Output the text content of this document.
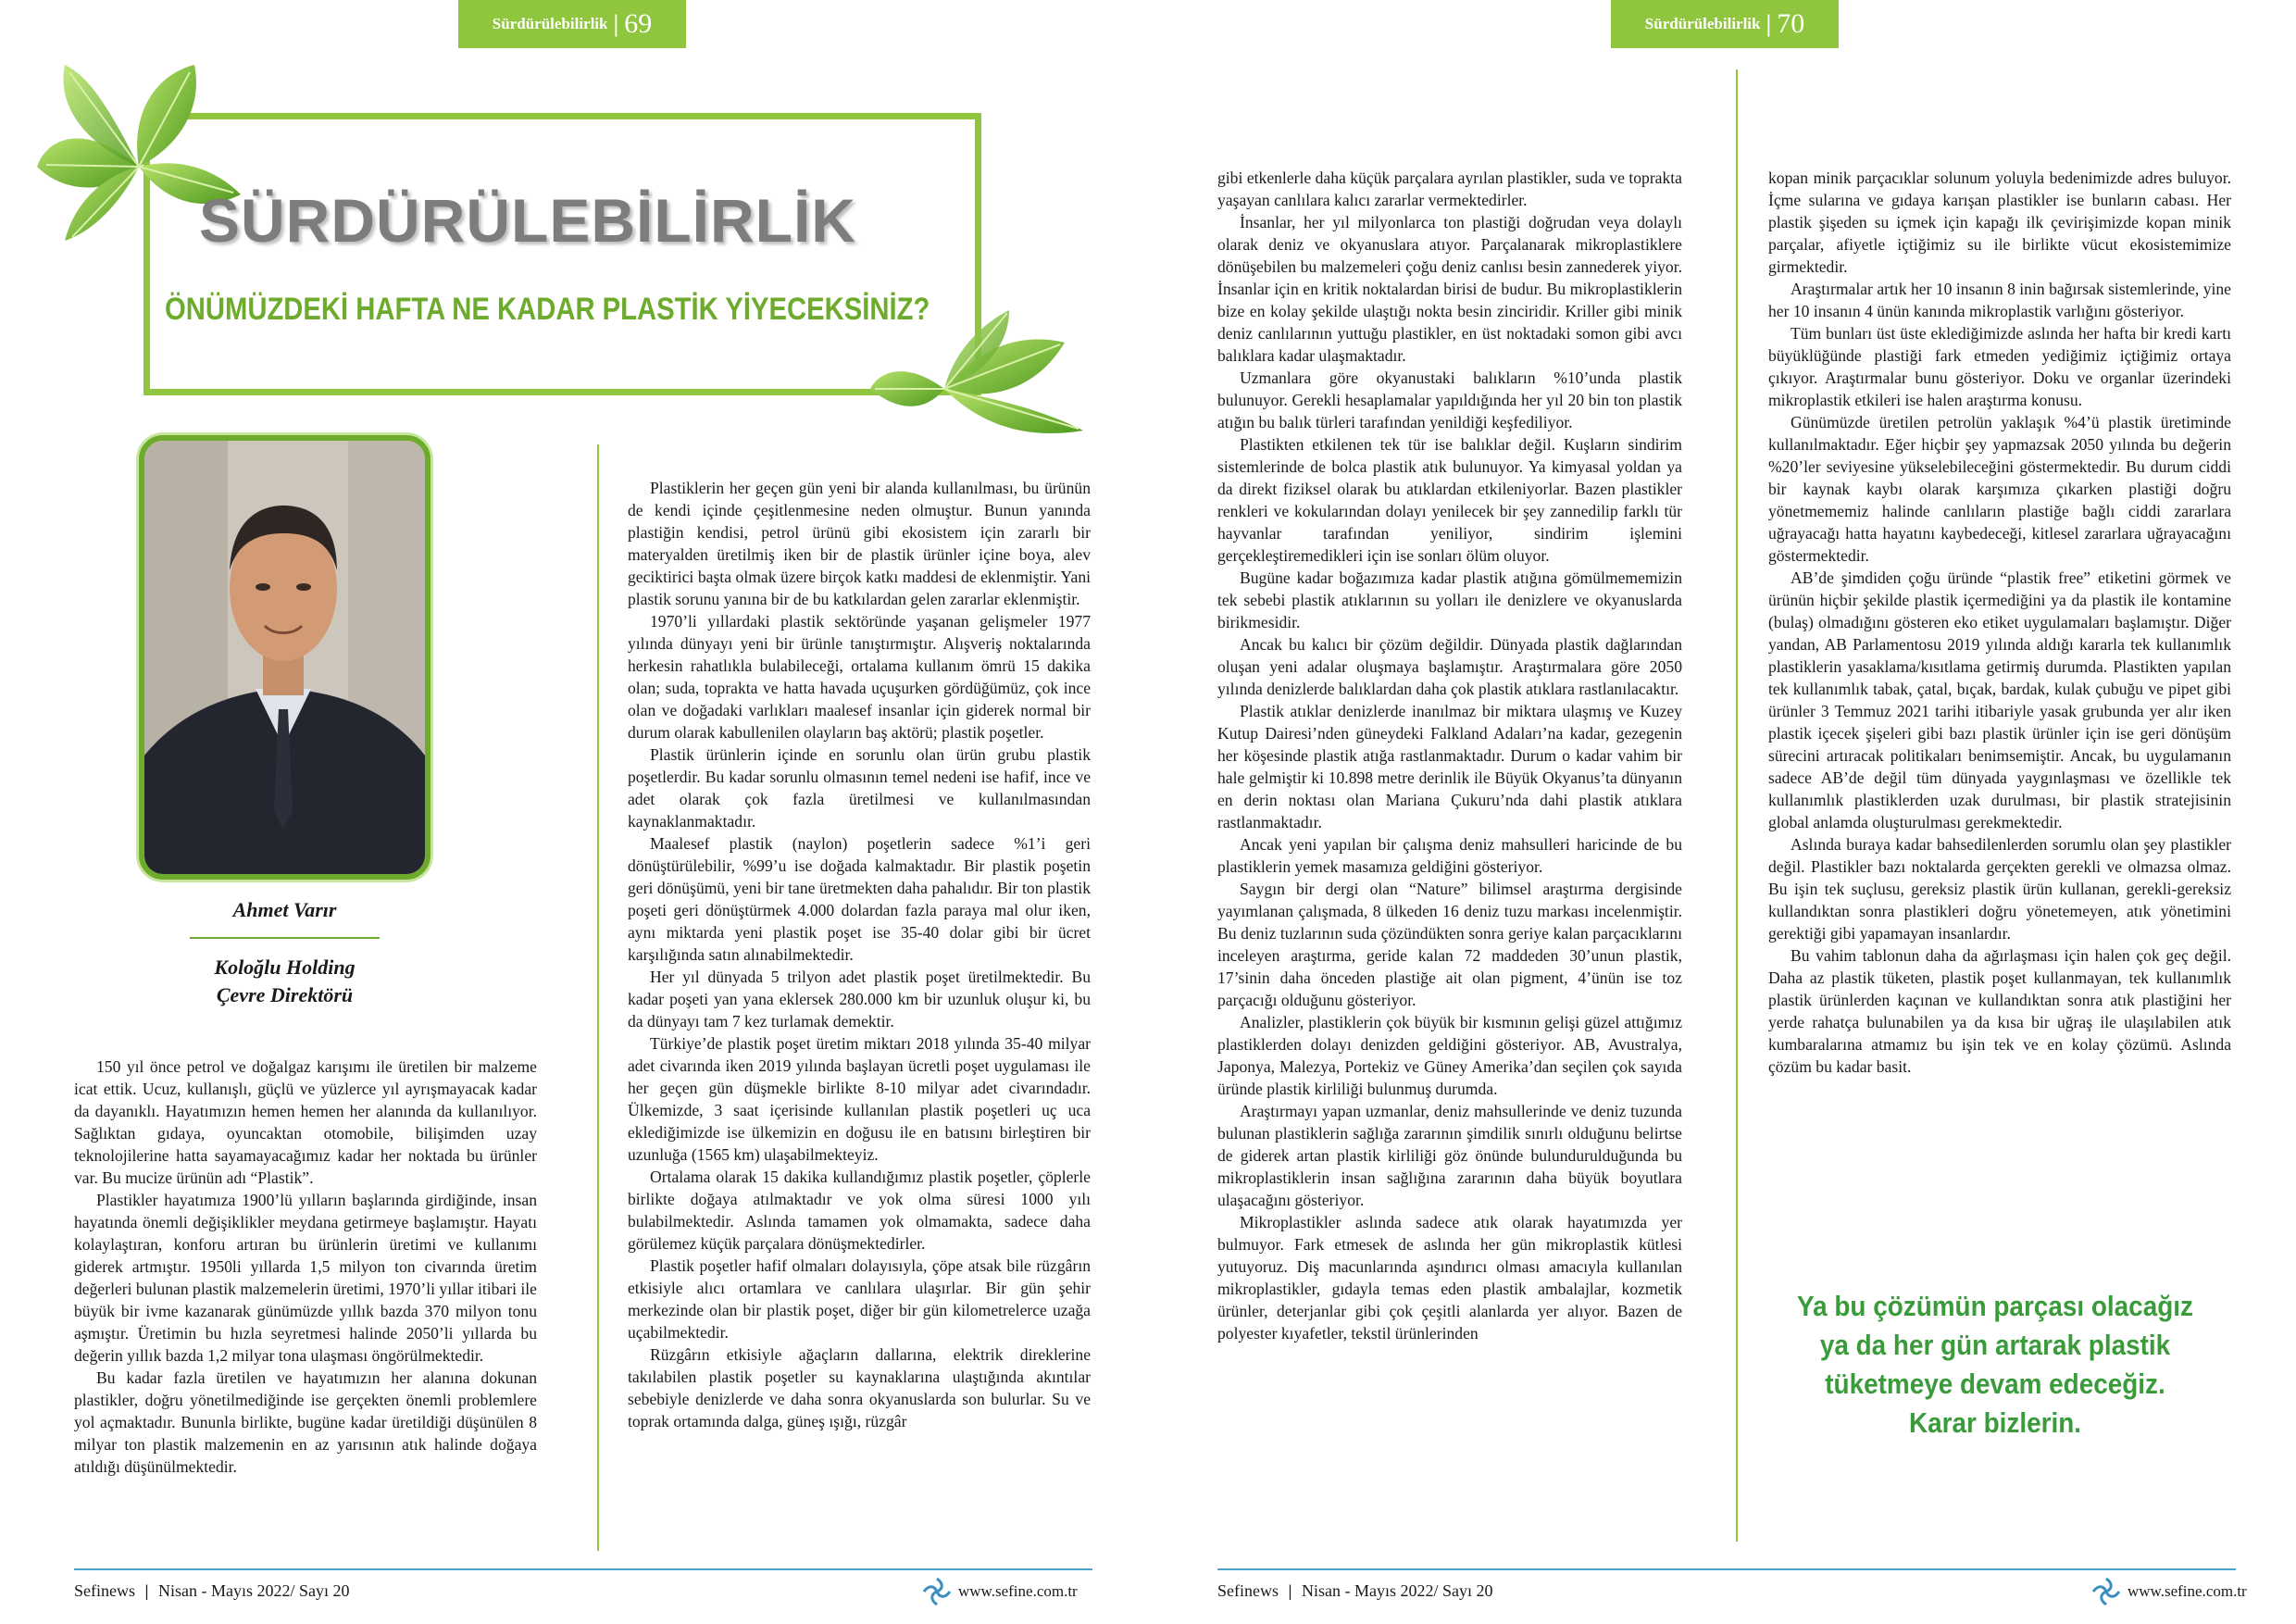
Sürdürülebilirlik | 69
SÜRDÜRÜLEBİLİRLİK
ÖNÜMÜZDEKİ HAFTA NE KADAR PLASTİK YİYECEKSİNİZ?
Ahmet Varır
Koloğlu Holding
Çevre Direktörü

150 yıl önce petrol ve doğalgaz karışımı ile üretilen bir malzeme icat ettik. Ucuz, kullanışlı, güçlü ve yüzlerce yıl ayrışmayacak kadar da dayanıklı. Hayatımızın hemen hemen her alanında da kullanılıyor. Sağlıktan gıdaya, oyuncaktan otomobile, bilişimden uzay teknolojilerine hatta sayamayacağımız kadar her noktada bu ürünler var. Bu mucize ürünün adı “Plastik”.

Plastikler hayatımıza 1900’lü yılların başlarında girdiğinde, insan hayatında önemli değişiklikler meydana getirmeye başlamıştır. Hayatı kolaylaştıran, konforu artıran bu ürünlerin üretimi ve kullanımı giderek artmıştır. 1950li yıllarda 1,5 milyon ton civarında üretim değerleri bulunan plastik malzemelerin üretimi, 1970’li yıllar itibari ile büyük bir ivme kazanarak günümüzde yıllık bazda 370 milyon tonu aşmıştır. Üretimin bu hızla seyretmesi halinde 2050’li yıllarda bu değerin yıllık bazda 1,2 milyar tona ulaşması öngörülmektedir.

Bu kadar fazla üretilen ve hayatımızın her alanına dokunan plastikler, doğru yönetilmediğinde ise gerçekten önemli problemlere yol açmaktadır. Bununla birlikte, bugüne kadar üretildiği düşünülen 8 milyar ton plastik malzemenin en az yarısının atık halinde doğaya atıldığı düşünülmektedir.

Plastiklerin her geçen gün yeni bir alanda kullanılması, bu ürünün de kendi içinde çeşitlenmesine neden olmuştur. Bunun yanında plastiğin kendisi, petrol ürünü gibi ekosistem için zararlı bir materyalden üretilmiş iken bir de plastik ürünler içine boya, alev geciktirici başta olmak üzere birçok katkı maddesi de eklenmiştir. Yani plastik sorunu yanına bir de bu katkılardan gelen zararlar eklenmiştir.

1970’li yıllardaki plastik sektöründe yaşanan gelişmeler 1977 yılında dünyayı yeni bir ürünle tanıştırmıştır. Alışveriş noktalarında herkesin rahatlıkla bulabileceği, ortalama kullanım ömrü 15 dakika olan; suda, toprakta ve hatta havada uçuşurken gördüğümüz, çok ince olan ve doğadaki varlıkları maalesef insanlar için giderek normal bir durum olarak kabullenilen olayların baş aktörü; plastik poşetler.

Plastik ürünlerin içinde en sorunlu olan ürün grubu plastik poşetlerdir. Bu kadar sorunlu olmasının temel nedeni ise hafif, ince ve adet olarak çok fazla üretilmesi ve kullanılmasından kaynaklanmaktadır.

Maalesef plastik (naylon) poşetlerin sadece %1’i geri dönüştürülebilir, %99’u ise doğada kalmaktadır. Bir plastik poşetin geri dönüşümü, yeni bir tane üretmekten daha pahalıdır. Bir ton plastik poşeti geri dönüştürmek 4.000 dolardan fazla paraya mal olur iken, aynı miktarda yeni plastik poşet ise 35-40 dolar gibi bir ücret karşılığında satın alınabilmektedir.

Her yıl dünyada 5 trilyon adet plastik poşet üretilmektedir. Bu kadar poşeti yan yana eklersek 280.000 km bir uzunluk oluşur ki, bu da dünyayı tam 7 kez turlamak demektir.

Türkiye’de plastik poşet üretim miktarı 2018 yılında 35-40 milyar adet civarında iken 2019 yılında başlayan ücretli poşet uygulaması ile her geçen gün düşmekle birlikte 8-10 milyar adet civarındadır. Ülkemizde, 3 saat içerisinde kullanılan plastik poşetleri uç uca eklediğimizde ise ülkemizin en doğusu ile en batısını birleştiren bir uzunluğa (1565 km) ulaşabilmekteyiz.

Ortalama olarak 15 dakika kullandığımız plastik poşetler, çöplerle birlikte doğaya atılmaktadır ve yok olma süresi 1000 yılı bulabilmektedir. Aslında tamamen yok olmamakta, sadece daha görülemez küçük parçalara dönüşmektedirler.

Plastik poşetler hafif olmaları dolayısıyla, çöpe atsak bile rüzgârın etkisiyle alıcı ortamlara ve canlılara ulaşırlar. Bir gün şehir merkezinde olan bir plastik poşet, diğer bir gün kilometrelerce uzağa uçabilmektedir.

Rüzgârın etkisiyle ağaçların dallarına, elektrik direklerine takılabilen plastik poşetler su kaynaklarına ulaştığında akıntılar sebebiyle denizlerde ve daha sonra okyanuslarda son bulurlar. Su ve toprak ortamında dalga, güneş ışığı, rüzgâr

Sefinews | Nisan - Mayıs 2022/ Sayı 20	www.sefine.com.tr
Sürdürülebilirlik | 70

gibi etkenlerle daha küçük parçalara ayrılan plastikler, suda ve toprakta yaşayan canlılara kalıcı zararlar vermektedirler.

İnsanlar, her yıl milyonlarca ton plastiği doğrudan veya dolaylı olarak deniz ve okyanuslara atıyor. Parçalanarak mikroplastiklere dönüşebilen bu malzemeleri çoğu deniz canlısı besin zannederek yiyor. İnsanlar için en kritik noktalardan birisi de budur. Bu mikroplastiklerin bize en kolay şekilde ulaştığı nokta besin zinciridir. Kriller gibi minik deniz canlılarının yuttuğu plastikler, en üst noktadaki somon gibi avcı balıklara kadar ulaşmaktadır.

Uzmanlara göre okyanustaki balıkların %10’unda plastik bulunuyor. Gerekli hesaplamalar yapıldığında her yıl 20 bin ton plastik atığın bu balık türleri tarafından yenildiği keşfediliyor.

Plastikten etkilenen tek tür ise balıklar değil. Kuşların sindirim sistemlerinde de bolca plastik atık bulunuyor. Ya kimyasal yoldan ya da direkt fiziksel olarak bu atıklardan etkileniyorlar. Bazen plastikler renkleri ve kokularından dolayı yenilecek bir şey zannedilip farklı tür hayvanlar tarafından yeniliyor, sindirim işlemini gerçekleştiremedikleri için ise sonları ölüm oluyor.

Bugüne kadar boğazımıza kadar plastik atığına gömülmememizin tek sebebi plastik atıklarının su yolları ile denizlere ve okyanuslarda birikmesidir.

Ancak bu kalıcı bir çözüm değildir. Dünyada plastik dağlarından oluşan yeni adalar oluşmaya başlamıştır. Araştırmalara göre 2050 yılında denizlerde balıklardan daha çok plastik atıklara rastlanılacaktır.

Plastik atıklar denizlerde inanılmaz bir miktara ulaşmış ve Kuzey Kutup Dairesi’nden güneydeki Falkland Adaları’na kadar, gezegenin her köşesinde plastik atığa rastlanmaktadır. Durum o kadar vahim bir hale gelmiştir ki 10.898 metre derinlik ile Büyük Okyanus’ta dünyanın en derin noktası olan Mariana Çukuru’nda dahi plastik atıklara rastlanmaktadır.

Ancak yeni yapılan bir çalışma deniz mahsulleri haricinde de bu plastiklerin yemek masamıza geldiğini gösteriyor.

Saygın bir dergi olan “Nature” bilimsel araştırma dergisinde yayımlanan çalışmada, 8 ülkeden 16 deniz tuzu markası incelenmiştir. Bu deniz tuzlarının suda çözündükten sonra geriye kalan parçacıklarını inceleyen araştırma, geride kalan 72 maddeden 30’unun plastik, 17’sinin daha önceden plastiğe ait olan pigment, 4’ünün ise toz parçacığı olduğunu gösteriyor.

Analizler, plastiklerin çok büyük bir kısmının gelişi güzel attığımız plastiklerden dolayı denizden geldiğini gösteriyor. AB, Avustralya, Japonya, Malezya, Portekiz ve Güney Amerika’dan seçilen çok sayıda üründe plastik kirliliği bulunmuş durumda.

Araştırmayı yapan uzmanlar, deniz mahsullerinde ve deniz tuzunda bulunan plastiklerin sağlığa zararının şimdilik sınırlı olduğunu belirtse de giderek artan plastik kirliliği göz önünde bulundurulduğunda bu mikroplastiklerin insan sağlığına zararının daha büyük boyutlara ulaşacağını gösteriyor.

Mikroplastikler aslında sadece atık olarak hayatımızda yer bulmuyor. Fark etmesek de aslında her gün mikroplastik kütlesi yutuyoruz. Diş macunlarında aşındırıcı olması amacıyla kullanılan mikroplastikler, gıdayla temas eden plastik ambalajlar, kozmetik ürünler, deterjanlar gibi çok çeşitli alanlarda yer alıyor. Bazen de polyester kıyafetler, tekstil ürünlerinden

kopan minik parçacıklar solunum yoluyla bedenimizde adres buluyor. İçme sularına ve gıdaya karışan plastikler ise bunların cabası. Her plastik şişeden su içmek için kapağı ilk çevirişimizde kopan minik parçalar, afiyetle içtiğimiz su ile birlikte vücut ekosistemimize girmektedir.

Araştırmalar artık her 10 insanın 8 inin bağırsak sistemlerinde, yine her 10 insanın 4 ünün kanında mikroplastik varlığını gösteriyor.

Tüm bunları üst üste eklediğimizde aslında her hafta bir kredi kartı büyüklüğünde plastiği fark etmeden yediğimiz içtiğimiz ortaya çıkıyor. Araştırmalar bunu gösteriyor. Doku ve organlar üzerindeki mikroplastik etkileri ise halen araştırma konusu.

Günümüzde üretilen petrolün yaklaşık %4’ü plastik üretiminde kullanılmaktadır. Eğer hiçbir şey yapmazsak 2050 yılında bu değerin %20’ler seviyesine yükselebileceğini göstermektedir. Bu durum ciddi bir kaynak kaybı olarak karşımıza çıkarken plastiği doğru yönetmememiz halinde canlıların plastiğe bağlı ciddi zararlara uğrayacağı hatta hayatını kaybedeceği, kitlesel zararlara uğrayacağını göstermektedir.

AB’de şimdiden çoğu üründe “plastik free” etiketini görmek ve ürünün hiçbir şekilde plastik içermediğini ya da plastik ile kontamine (bulaş) olmadığını gösteren eko etiket uygulamaları başlamıştır. Diğer yandan, AB Parlamentosu 2019 yılında aldığı kararla tek kullanımlık plastiklerin yasaklama/kısıtlama getirmiş durumda. Plastikten yapılan tek kullanımlık tabak, çatal, bıçak, bardak, kulak çubuğu ve pipet gibi ürünler 3 Temmuz 2021 tarihi itibariyle yasak grubunda yer alır iken plastik içecek şişeleri gibi bazı plastik ürünler için ise geri dönüşüm sürecini artıracak politikaları benimsemiştir. Ancak, bu uygulamanın sadece AB’de değil tüm dünyada yaygınlaşması ve özellikle tek kullanımlık plastiklerden uzak durulması, bir plastik stratejisinin global anlamda oluşturulması gerekmektedir.

Aslında buraya kadar bahsedilenlerden sorumlu olan şey plastikler değil. Plastikler bazı noktalarda gerçekten gerekli ve olmazsa olmaz. Bu işin tek suçlusu, gereksiz plastik ürün kullanan, gerekli-gereksiz kullandıktan sonra plastikleri doğru yönetemeyen, atık yönetimini gerektiği gibi yapamayan insanlardır.

Bu vahim tablonun daha da ağırlaşması için halen çok geç değil. Daha az plastik tüketen, plastik poşet kullanmayan, tek kullanımlık plastik ürünlerden kaçınan ve kullandıktan sonra atık plastiğini her yerde rahatça bulunabilen ya da kısa bir uğraş ile ulaşılabilen atık kumbaralarına atmamız bu işin tek ve en kolay çözümü. Aslında çözüm bu kadar basit.

Ya bu çözümün parçası olacağız
ya da her gün artarak plastik
tüketmeye devam edeceğiz.
Karar bizlerin.
Sefinews | Nisan - Mayıs 2022/ Sayı 20	www.sefine.com.tr
